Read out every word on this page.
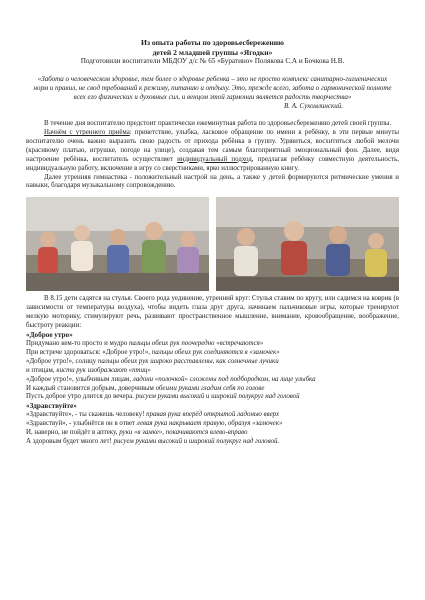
Из опыта работы по здоровьесбережению
детей 2 младшей группы «Ягодки»
Подготовили воспитатели МБДОУ д/с № 65 «Буратино» Полякова С.А и Бочкова Н.В.
«Забота о человеческом здоровье, тем более о здоровье ребенка – это не просто комплекс санитарно-гигиенических норм и правил, не свод требований к режиму, питанию и отдыху. Это, прежде всего, забота о гармонической полноте всех его физических и духовных сил, и венцом этой гармонии является радость творчества»
В. А. Сухомлинский.

В течение дня воспитателю предстоит практически ежеминутная работа по здоровьесбережению детей своей группы.

Начнём с утреннего приёма: приветствие, улыбка, ласковое обращение по имени к ребёнку, в эти первые минуты воспитателю очень важно выразить свою радость от прихода ребёнка в группу. Удивиться, восхититься любой мелочи (красивому платью, игрушке, погоде на улице), создавая тем самым благоприятный эмоциональный фон. Далее, видя настроение ребёнка, воспитатель осуществляет индивидуальный подход, предлагая ребёнку совместную деятельность, индивидуальную работу, включение в игру со сверстниками, ярко иллюстрированную книгу.

Далее утренняя гимнастика - положительный настрой на день, а также у детей формируются ритмические умения и навыки, благодаря музыкальному сопровождению.

В 8.15 дети садятся на стулья. Своего рода уединение, утренний круг: Стулья ставим по кругу, или садимся на коврик (в зависимости от температуры воздуха), чтобы видеть глаза друг друга, начинаем пальчиковые игры, которые тренируют мелкую моторику, стимулируют речь, развивают пространственное мышление, внимание, кровообращение, воображение, быстроту реакции:

«Доброе утро»

Придумано кем-то просто и мудро пальцы обеих рук поочередно «встречаются»

При встрече здороваться: «Доброе утро!», пальцы обеих рук соединяются в «замочек»

«Доброе утро!», солнцу пальцы обеих рук широко расставлены, как солнечные лучики

и птицам, кисти рук изображают «птиц»

«Доброе утро!», улыбчивым лицам, ладони «полочкой» сложены под подбородком, на лице улыбка

И каждый становится добрым, доверчивым обеими руками гладим себя по голове

Пусть доброе утро длится до вечера. рисуем руками высокий и широкий полукруг над головой

«Здравствуйте»

«Здравствуйте», - ты скажешь человеку! правая рука вперёд открытой ладонью вверх

«Здравствуй», - улыбнётся он в ответ левая рука накрывает правую, образуя «замочек»

И, наверно, не пойдёт в аптеку, руки «в замке», покачиваются влево-вправо

А здоровым будет много лет! рисуем руками высокий и широкий полукруг над головой.
